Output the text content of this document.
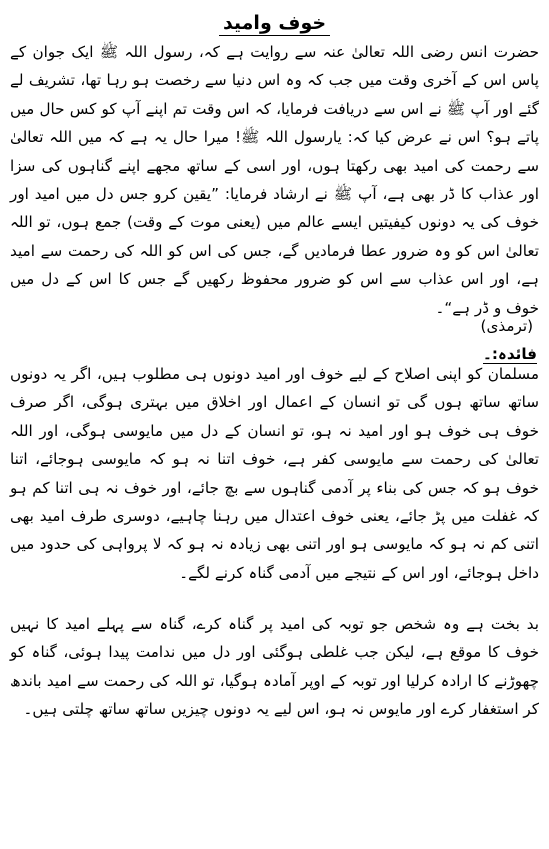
خوف وامید
حضرت انس رضی اللہ تعالیٰ عنہ سے روایت ہے کہ، رسول اللہ ﷺ ایک جوان کے پاس اس کے آخری وقت میں جب کہ وہ اس دنیا سے رخصت ہو رہا تھا، تشریف لے گئے اور آپ ﷺ نے اس سے دریافت فرمایا، کہ اس وقت تم اپنے آپ کو کس حال میں پاتے ہو؟ اس نے عرض کیا کہ: یارسول اللہ ﷺ! میرا حال یہ ہے کہ میں اللہ تعالیٰ سے رحمت کی امید بھی رکھتا ہوں، اور اسی کے ساتھ مجھے اپنے گناہوں کی سزا اور عذاب کا ڈر بھی ہے، آپ ﷺ نے ارشاد فرمایا: ”یقین کرو جس دل میں امید اور خوف کی یہ دونوں کیفیتیں ایسے عالم میں (یعنی موت کے وقت) جمع ہوں، تو اللہ تعالیٰ اس کو وہ ضرور عطا فرمادیں گے، جس کی اس کو اللہ کی رحمت سے امید ہے، اور اس عذاب سے اس کو ضرور محفوظ رکھیں گے جس کا اس کے دل میں خوف و ڈر ہے“۔
(ترمذی)
فائدہ:۔
مسلمان کو اپنی اصلاح کے لیے خوف اور امید دونوں ہی مطلوب ہیں، اگر یہ دونوں ساتھ ساتھ ہوں گی تو انسان کے اعمال اور اخلاق میں بہتری ہوگی، اگر صرف خوف ہی خوف ہو اور امید نہ ہو، تو انسان کے دل میں مایوسی ہوگی، اور اللہ تعالیٰ کی رحمت سے مایوسی کفر ہے، خوف اتنا نہ ہو کہ مایوسی ہوجائے، اتنا خوف ہو کہ جس کی بناء پر آدمی گناہوں سے بچ جائے، اور خوف نہ ہی اتنا کم ہو کہ غفلت میں پڑ جائے، یعنی خوف اعتدال میں رہنا چاہیے، دوسری طرف امید بھی اتنی کم نہ ہو کہ مایوسی ہو اور اتنی بھی زیادہ نہ ہو کہ لا پرواہی کی حدود میں داخل ہوجائے، اور اس کے نتیجے میں آدمی گناہ کرنے لگے۔
بد بخت ہے وہ شخص جو توبہ کی امید پر گناہ کرے، گناہ سے پہلے امید کا نہیں خوف کا موقع ہے، لیکن جب غلطی ہوگئی اور دل میں ندامت پیدا ہوئی، گناہ کو چھوڑنے کا ارادہ کرلیا اور توبہ کے اوپر آمادہ ہوگیا، تو اللہ کی رحمت سے امید باندھ کر استغفار کرے اور مایوس نہ ہو، اس لیے یہ دونوں چیزیں ساتھ ساتھ چلتی ہیں۔
